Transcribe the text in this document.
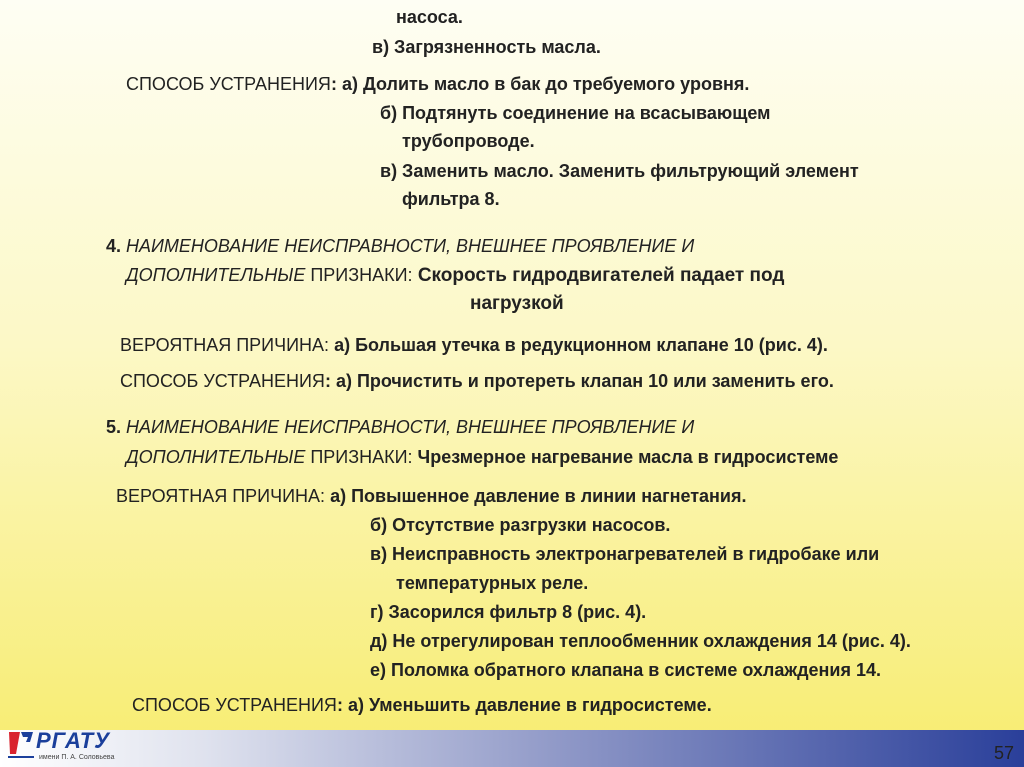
насоса.
в) Загрязненность масла.
СПОСОБ УСТРАНЕНИЯ: а) Долить масло в бак до требуемого уровня.
б) Подтянуть соединение на всасывающем
трубопроводе.
в) Заменить масло. Заменить фильтрующий элемент
фильтра 8.
4. НАИМЕНОВАНИЕ НЕИСПРАВНОСТИ, ВНЕШНЕЕ ПРОЯВЛЕНИЕ И
ДОПОЛНИТЕЛЬНЫЕ ПРИЗНАКИ: Скорость гидродвигателей падает под
нагрузкой
ВЕРОЯТНАЯ ПРИЧИНА: а) Большая утечка в редукционном клапане 10 (рис. 4).
СПОСОБ УСТРАНЕНИЯ: а) Прочистить и протереть клапан 10 или заменить его.
5. НАИМЕНОВАНИЕ НЕИСПРАВНОСТИ, ВНЕШНЕЕ ПРОЯВЛЕНИЕ И
ДОПОЛНИТЕЛЬНЫЕ ПРИЗНАКИ: Чрезмерное нагревание масла в гидросистеме
ВЕРОЯТНАЯ ПРИЧИНА: а) Повышенное давление в линии нагнетания.
б) Отсутствие разгрузки насосов.
в) Неисправность электронагревателей в гидробаке или
температурных реле.
г) Засорился фильтр 8 (рис. 4).
д) Не отрегулирован теплообменник охлаждения 14 (рис. 4).
е) Поломка обратного клапана в системе охлаждения 14.
СПОСОБ УСТРАНЕНИЯ: а) Уменьшить давление в гидросистеме.
РГАТУ
имени П. А. Соловьева	57
